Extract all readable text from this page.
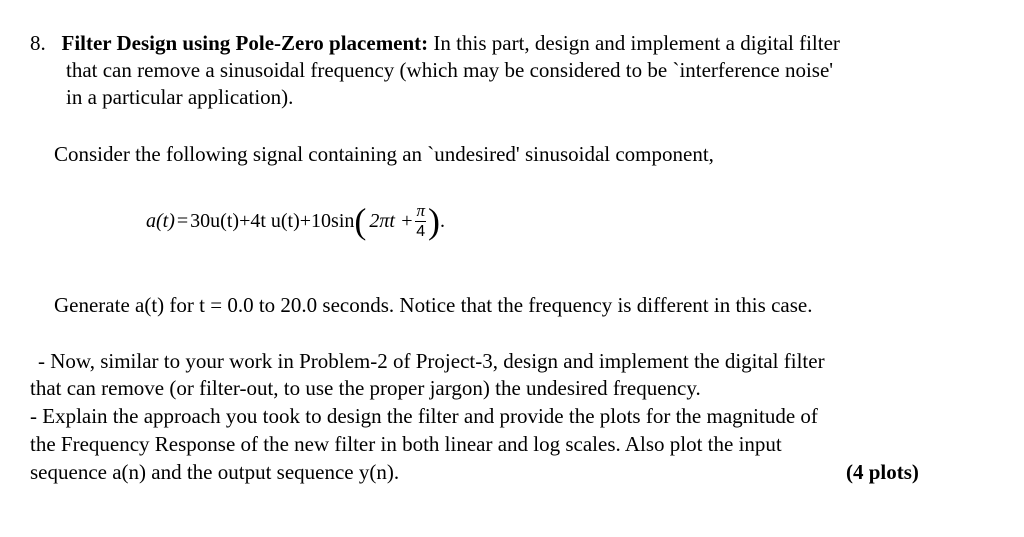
8. Filter Design using Pole-Zero placement: In this part, design and implement a digital filter
that can remove a sinusoidal frequency (which may be considered to be `interference noise'
in a particular application).
Consider the following signal containing an `undesired' sinusoidal component,
a(t) = 30u(t) +4t u(t) +10sin ( $2\pi t + \frac{\pi}{4}$ ) .
Generate a(t) for t = 0.0 to 20.0 seconds. Notice that the frequency is different in this case.
- Now, similar to your work in Problem-2 of Project-3, design and implement the digital filter
that can remove (or filter-out, to use the proper jargon) the undesired frequency.
- Explain the approach you took to design the filter and provide the plots for the magnitude of
the Frequency Response of the new filter in both linear and log scales. Also plot the input
sequence a(n) and the output sequence y(n).	(4 plots)
